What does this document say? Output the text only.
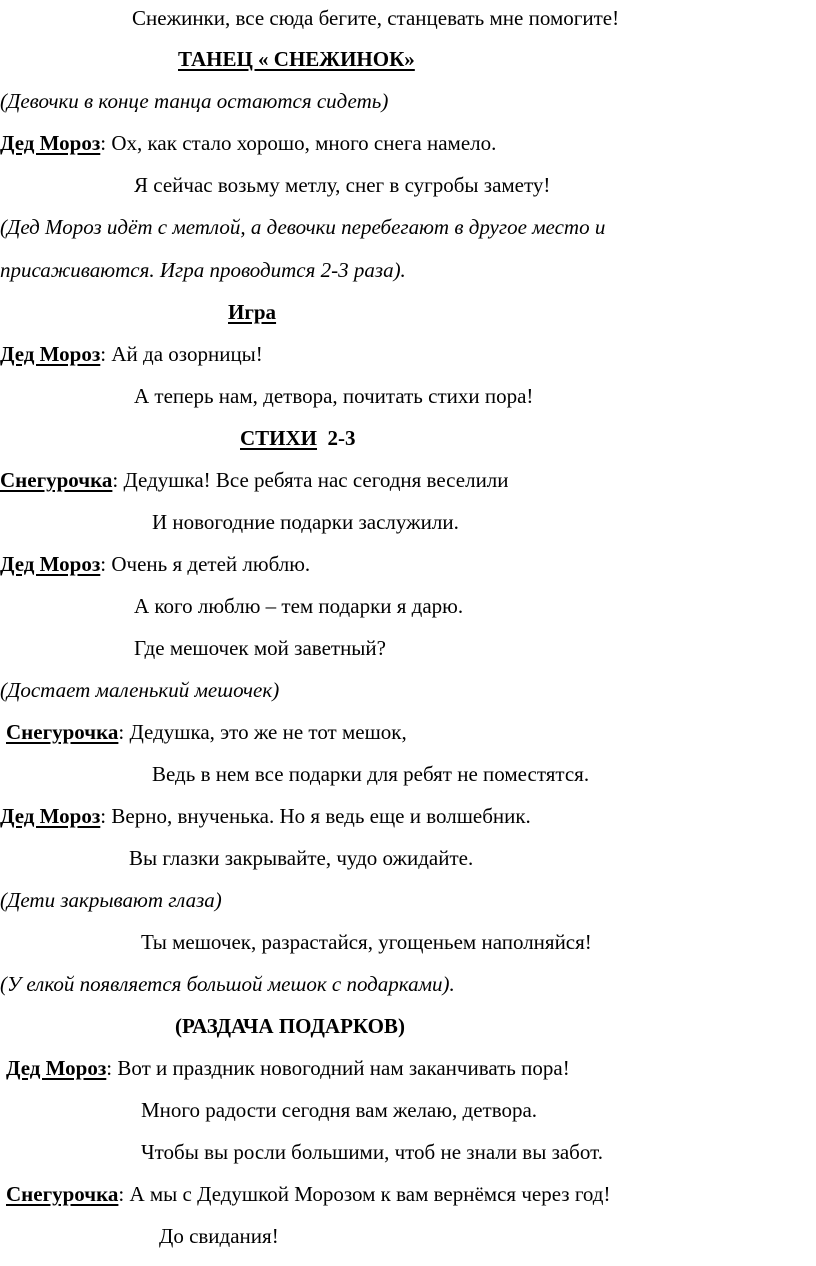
Снежинки, все сюда бегите, станцевать мне помогите!
ТАНЕЦ « СНЕЖИНОК»
(Девочки в конце танца остаются сидеть)
Дед Мороз: Ох, как стало хорошо, много снега намело.
Я сейчас возьму метлу, снег в сугробы замету!
(Дед Мороз идёт с метлой, а девочки перебегают в другое место и
присаживаются. Игра проводится 2-3 раза).
Игра
Дед Мороз: Ай да озорницы!
А теперь нам, детвора, почитать стихи пора!
СТИХИ  2-3
Снегурочка: Дедушка! Все ребята нас сегодня веселили
И новогодние подарки заслужили.
Дед Мороз: Очень я детей люблю.
А кого люблю – тем подарки я дарю.
Где мешочек мой заветный?
(Достает маленький мешочек)
Снегурочка: Дедушка, это же не тот мешок,
Ведь в нем все подарки для ребят не поместятся.
Дед Мороз: Верно, внученька. Но я ведь еще и волшебник.
Вы глазки закрывайте, чудо ожидайте.
(Дети закрывают глаза)
Ты мешочек, разрастайся, угощеньем наполняйся!
(У елкой появляется большой мешок с подарками).
(РАЗДАЧА ПОДАРКОВ)
Дед Мороз: Вот и праздник новогодний нам заканчивать пора!
Много радости сегодня вам желаю, детвора.
Чтобы вы росли большими, чтоб не знали вы забот.
Снегурочка: А мы с Дедушкой Морозом к вам вернёмся через год!
До свидания!
